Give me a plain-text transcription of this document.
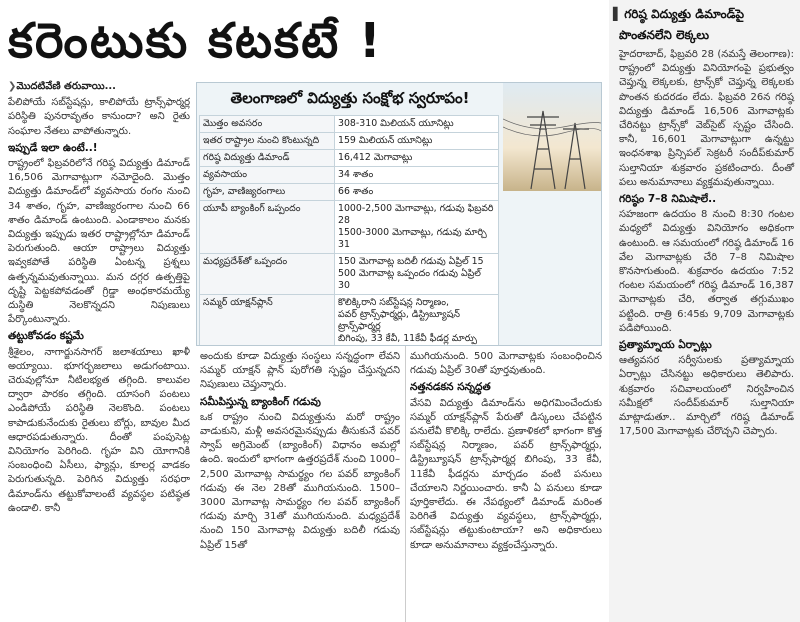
కరెంటుకు కటకటే !

❯ మొదటివేణి తరువాయి...

పేలిపోయే సబ్‌స్టేషన్లు, కాలిపోయే ట్రాన్స్‌ఫార్మర్ల పరిస్థితి పునరావృతం కానుందా? అని రైతు సంఘాల నేతలు వాపోతున్నారు.

ఇప్పుడే ఇలా ఉంటే..!

రాష్ట్రంలో ఫిబ్రవరిలోనే గరిష్ఠ విద్యుత్తు డిమాండ్ 16,506 మెగావాట్లుగా నమోదైంది. మొత్తం విద్యుత్తు డిమాండ్‌లో వ్యవసాయ రంగం నుంచి 34 శాతం, గృహ, వాణిజ్యరంగాల నుంచి 66 శాతం డిమాండ్ ఉంటుంది. ఎండాకాలం మనకు విద్యుత్తు ఇప్పుడు ఇతర రాష్ట్రాల్లోనూ డిమాండ్ పెరుగుతుంది. ఆయా రాష్ట్రాలు విద్యుత్తు ఇవ్వకపోతే పరిస్థితి ఏంటన్న ప్రశ్నలు ఉత్పన్నమవుతున్నాయి. మన దగ్గర ఉత్పత్తిపై దృష్టి పెట్టకపోవడంతో గ్రిడ్డా అంధకారమయ్యే దుస్థితి నెలకొన్నదని నిపుణులు పేర్కొంటున్నారు.

తట్టుకోవడం కష్టమే

శ్రీశైలం, నాగార్జునసాగర్ జలాశయాలు ఖాళీ అయ్యాయి. భూగర్భజలాలు అడుగంటాయి. చెరువుల్లోనూ నీటిలభ్యత తగ్గింది. కాలువల ద్వారా పారకం తగ్గింది. యాసంగి పంటలు ఎండిపోయే పరిస్థితి నెలకొంది. పంటలు కాపాడుకునేందుకు రైతులు బోర్లు, బావుల మీద ఆధారపడుతున్నారు. దీంతో పంపుసెట్ల వినియోగం పెరిగింది. గృహ విని యోగానికి సంబంధించి ఏసీలు, ఫ్యాన్లు, కూలర్ల వాడకం పెరుగుతున్నది. పెరిగిన విద్యుత్తు సరఫరా డిమాండ్‌ను తట్టుకోవాలంటే వ్యవస్థల పటిష్ఠత ఉండాలి. కానీ

తెలంగాణలో విద్యుత్తు సంక్షోభ స్వరూపం!
మొత్తం అవసరం	308-310 మిలియన్ యూనిట్లు
ఇతర రాష్ట్రాల నుంచి కొంటున్నది	159 మిలియన్ యూనిట్లు
గరిష్ఠ విద్యుత్తు డిమాండ్	16,412 మెగావాట్లు
వ్యవసాయం	34 శాతం
గృహ, వాణిజ్యరంగాలు	66 శాతం
యూపీ బ్యాంకింగ్ ఒప్పందం	1000-2,500 మెగావాట్లు, గడువు ఫిబ్రవరి 28
1500-3000 మెగావాట్లు, గడువు మార్చి 31
మధ్యప్రదేశ్‌తో ఒప్పందం	150 మెగావాట్ల బదిలీ గడువు ఏప్రిల్ 15
500 మెగావాట్ల ఒప్పందం గడువు ఏప్రిల్ 30
సమ్మర్ యాక్షన్‌ప్లాన్	కొలిక్కిరాని సబ్‌స్టేషన్ల నిర్మాణం,
పవర్ ట్రాన్స్‌ఫార్మర్లు, డిస్ట్రిబ్యూషన్ ట్రాన్స్‌ఫార్మర్ల
బిగింపు, 33 కేవీ, 11కేవీ ఫీడర్ల మార్పు

అందుకు కూడా విద్యుత్తు సంస్థలు సన్నద్ధంగా లేవని సమ్మర్ యాక్షన్ ప్లాన్ పురోగతి స్పష్టం చేస్తున్నదని నిపుణులు చెప్తున్నారు.

సమీపిస్తున్న బ్యాంకింగ్ గడువు

ఒక రాష్ట్రం నుంచి విద్యుత్తును మరో రాష్ట్రం వాడుకుని, మళ్లీ అవసరమైనప్పుడు తీసుకునే పవర్ స్వాప్ అగ్రిమెంట్ (బ్యాంకింగ్) విధానం అమల్లో ఉంది. ఇందులో భాగంగా ఉత్తరప్రదేశ్ నుంచి 1000–2,500 మెగావాట్ల సామర్థ్యం గల పవర్ బ్యాంకింగ్ గడువు ఈ నెల 28తో ముగియనుంది. 1500–3000 మెగావాట్ల సామర్థ్యం గల పవర్ బ్యాంకింగ్ గడువు మార్చి 31తో ముగియనుంది. మధ్యప్రదేశ్ నుంచి 150 మెగావాట్ల విద్యుత్తు బదిలీ గడువు ఏప్రిల్ 15తో

ముగియనుంది. 500 మెగావాట్లకు సంబంధించిన గడువు ఏప్రిల్ 30తో పూర్తవుతుంది.

నత్తనడకన సన్నద్ధత

వేసవి విద్యుత్తు డిమాండ్‌ను అధిగమించేందుకు సమ్మర్ యాక్షన్‌ప్లాన్ పేరుతో డిస్కంలు చేపట్టిన పనులేవీ కొలిక్కి రాలేదు. ప్రణాళికలో భాగంగా కొత్త సబ్‌స్టేషన్ల నిర్మాణం, పవర్ ట్రాన్స్‌ఫార్మర్లు, డిస్ట్రిబ్యూషన్ ట్రాన్స్‌ఫార్మర్ల బిగింపు, 33 కేవీ, 11కేవీ ఫీడర్లను మార్చడం వంటి పనులు చేయాలని నిర్ణయించారు. కానీ ఏ పనులు కూడా పూర్తికాలేదు. ఈ నేపథ్యంలో డిమాండ్ మరింత పెరిగితే విద్యుత్తు వ్యవస్థలు, ట్రాన్స్‌ఫార్మర్లు, సబ్‌స్టేషన్లు తట్టుకుంటాయా? అని అధికారులు కూడా అనుమానాలు వ్యక్తంచేస్తున్నారు.

▌ గరిష్ఠ విద్యుత్తు డిమాండ్‌పై పొంతనలేని లెక్కలు

హైదరాబాద్, ఫిబ్రవరి 28 (నమస్తే తెలంగాణ): రాష్ట్రంలో విద్యుత్తు వినియోగంపై ప్రభుత్వం చెప్తున్న లెక్కలకు, ట్రాన్స్‌కో చెప్తున్న లెక్కలకు పొంతన కుదరడం లేదు. ఫిబ్రవరి 26న గరిష్ఠ విద్యుత్తు డిమాండ్ 16,506 మెగావాట్లకు చేరినట్టు ట్రాన్స్‌కో వెబ్‌సైట్ స్పష్టం చేసింది. కానీ, 16,601 మెగావాట్లుగా ఉన్నట్టు ఇంధనశాఖ ప్రిన్సిపల్ సెక్రటరీ సందీప్‌కుమార్ సుల్తానియా శుక్రవారం ప్రకటించారు. దీంతో పలు అనుమానాలు వ్యక్తమవుతున్నాయి.

గరిష్ఠం 7–8 నిమిషాలే..

సహజంగా ఉదయం 8 నుంచి 8:30 గంటల మధ్యలో విద్యుత్తు వినియోగం అధికంగా ఉంటుంది. ఆ సమయంలో గరిష్ఠ డిమాండ్ 16 వేల మెగావాట్లకు చేరి 7–8 నిమిషాల కొనసాగుతుంది. శుక్రవారం ఉదయం 7:52 గంటల సమయంలో గరిష్ఠ డిమాండ్ 16,387 మెగావాట్లకు చేరి, తర్వాత తగ్గుముఖం పట్టింది. రాత్రి 6:45కు 9,709 మెగావాట్లకు పడిపోయింది.

ప్రత్యామ్నాయ ఏర్పాట్లు

ఆత్యవసర సర్వీసులకు ప్రత్యామ్నాయ ఏర్పాట్లు చేసినట్టు అధికారులు తెలిపారు. శుక్రవారం సచివాలయంలో నిర్వహించిన సమీక్షలో సందీప్‌కుమార్ సుల్తానియా మాట్లాడుతూ.. మార్చిలో గరిష్ఠ డిమాండ్ 17,500 మెగావాట్లకు చేరొచ్చని చెప్పారు.
